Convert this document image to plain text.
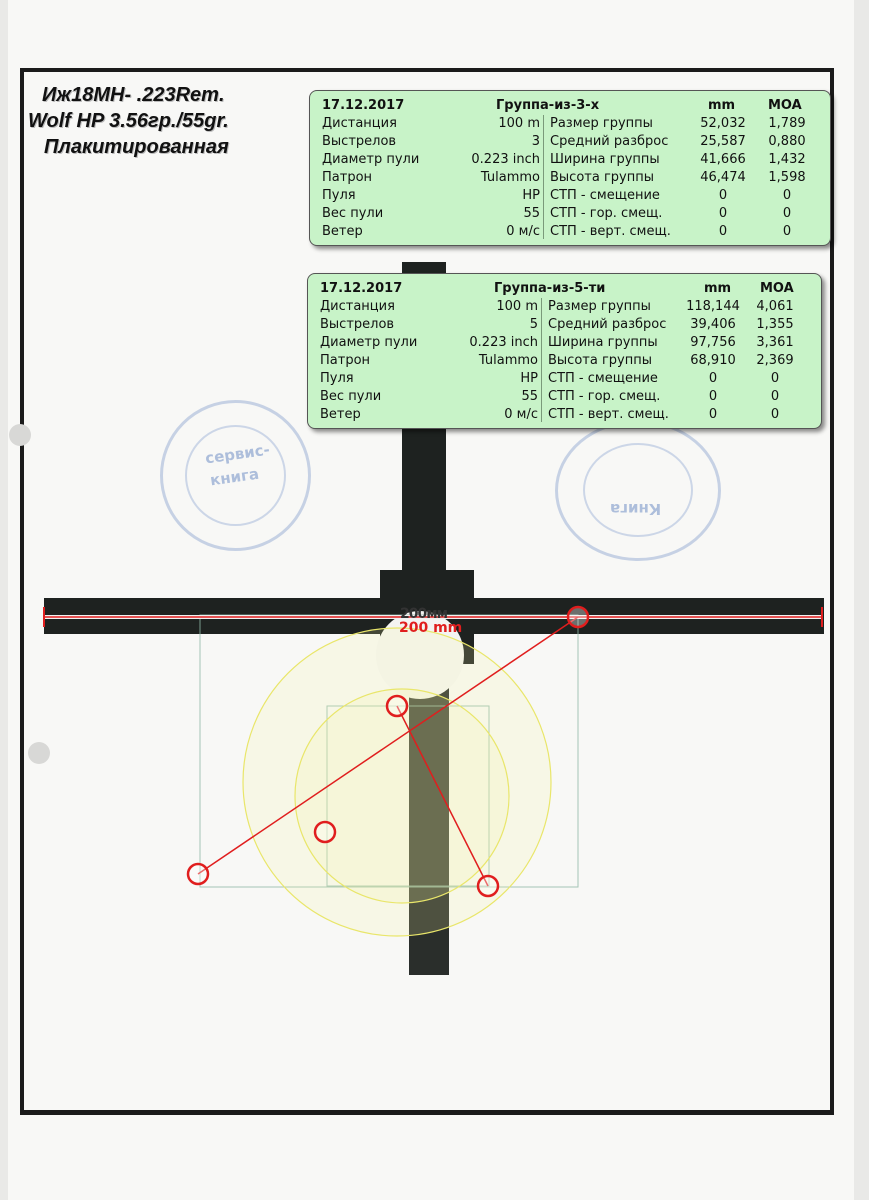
сервис-
книга
Книга
Иж18МН- .223Rem.
Wolf HP 3.56гр./55gr.
Плакитированная
200мм
200 mm
17.12.2017	Группа-из-3-х	mm	MOA
Дистанция	100 m Размер группы	52,032	1,789
Выстрелов	3 Средний разброс	25,587	0,880
Диаметр пули	0.223 inch Ширина группы	41,666	1,432
Патрон	Tulammo Высота группы	46,474	1,598
Пуля	HP СТП - смещение	0	0
Вес пули	55 СТП - гор. смещ.	0	0
Ветер	0 м/с СТП - верт. смещ.	0	0
17.12.2017	Группа-из-5-ти	mm MOA
Дистанция	100 m Размер группы	118,144	4,061
Выстрелов	5 Средний разброс	39,406	1,355
Диаметр пули	0.223 inch Ширина группы	97,756	3,361
Патрон	Tulammo Высота группы	68,910	2,369
Пуля	HP СТП - смещение	0	0
Вес пули	55 СТП - гор. смещ.	0	0
Ветер	0 м/с СТП - верт. смещ.	0	0
